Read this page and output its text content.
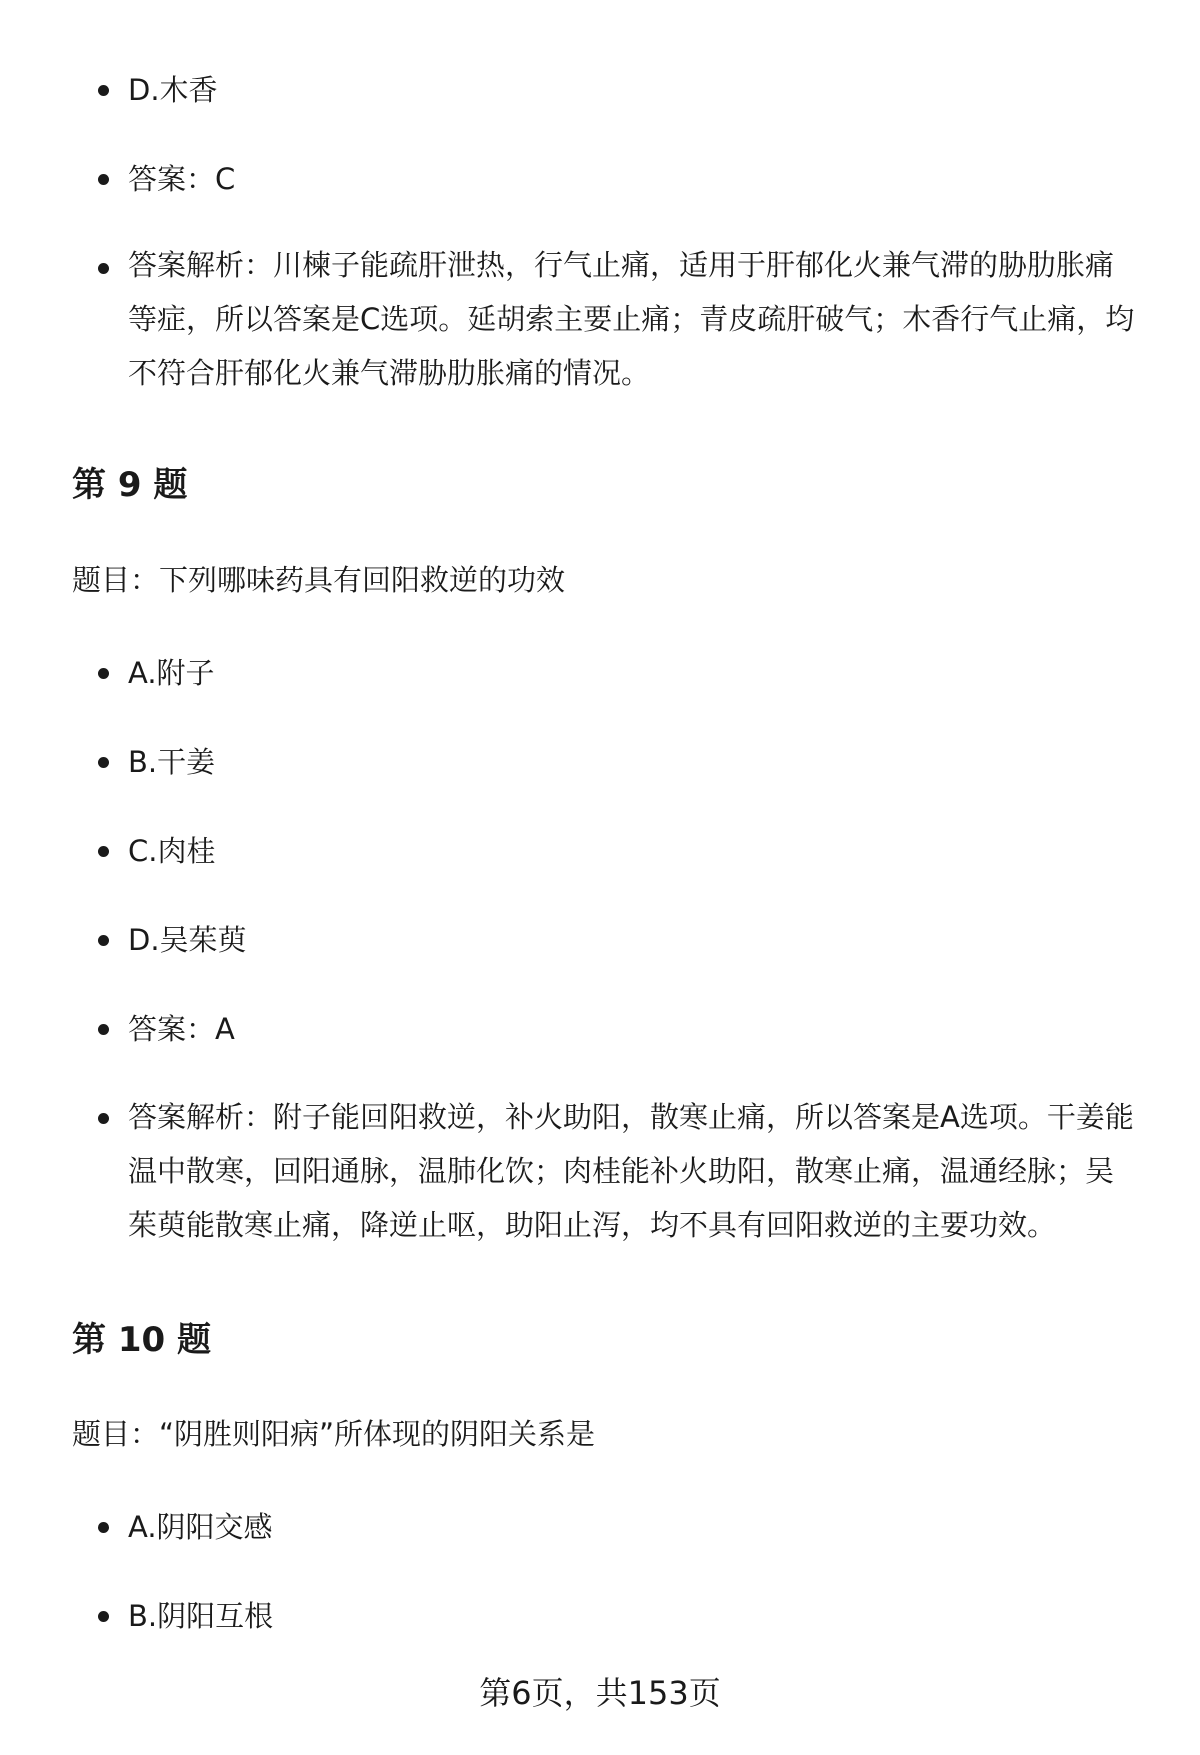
D.木香
答案：C
答案解析：川楝子能疏肝泄热，行气止痛，适用于肝郁化火兼气滞的胁肋胀痛等症，所以答案是C选项。延胡索主要止痛；青皮疏肝破气；木香行气止痛，均不符合肝郁化火兼气滞胁肋胀痛的情况。
第 9 题
题目：下列哪味药具有回阳救逆的功效
A.附子
B.干姜
C.肉桂
D.吴茱萸
答案：A
答案解析：附子能回阳救逆，补火助阳，散寒止痛，所以答案是A选项。干姜能温中散寒，回阳通脉，温肺化饮；肉桂能补火助阳，散寒止痛，温通经脉；吴茱萸能散寒止痛，降逆止呕，助阳止泻，均不具有回阳救逆的主要功效。
第 10 题
题目：“阴胜则阳病”所体现的阴阳关系是
A.阴阳交感
B.阴阳互根
第6页，共153页
